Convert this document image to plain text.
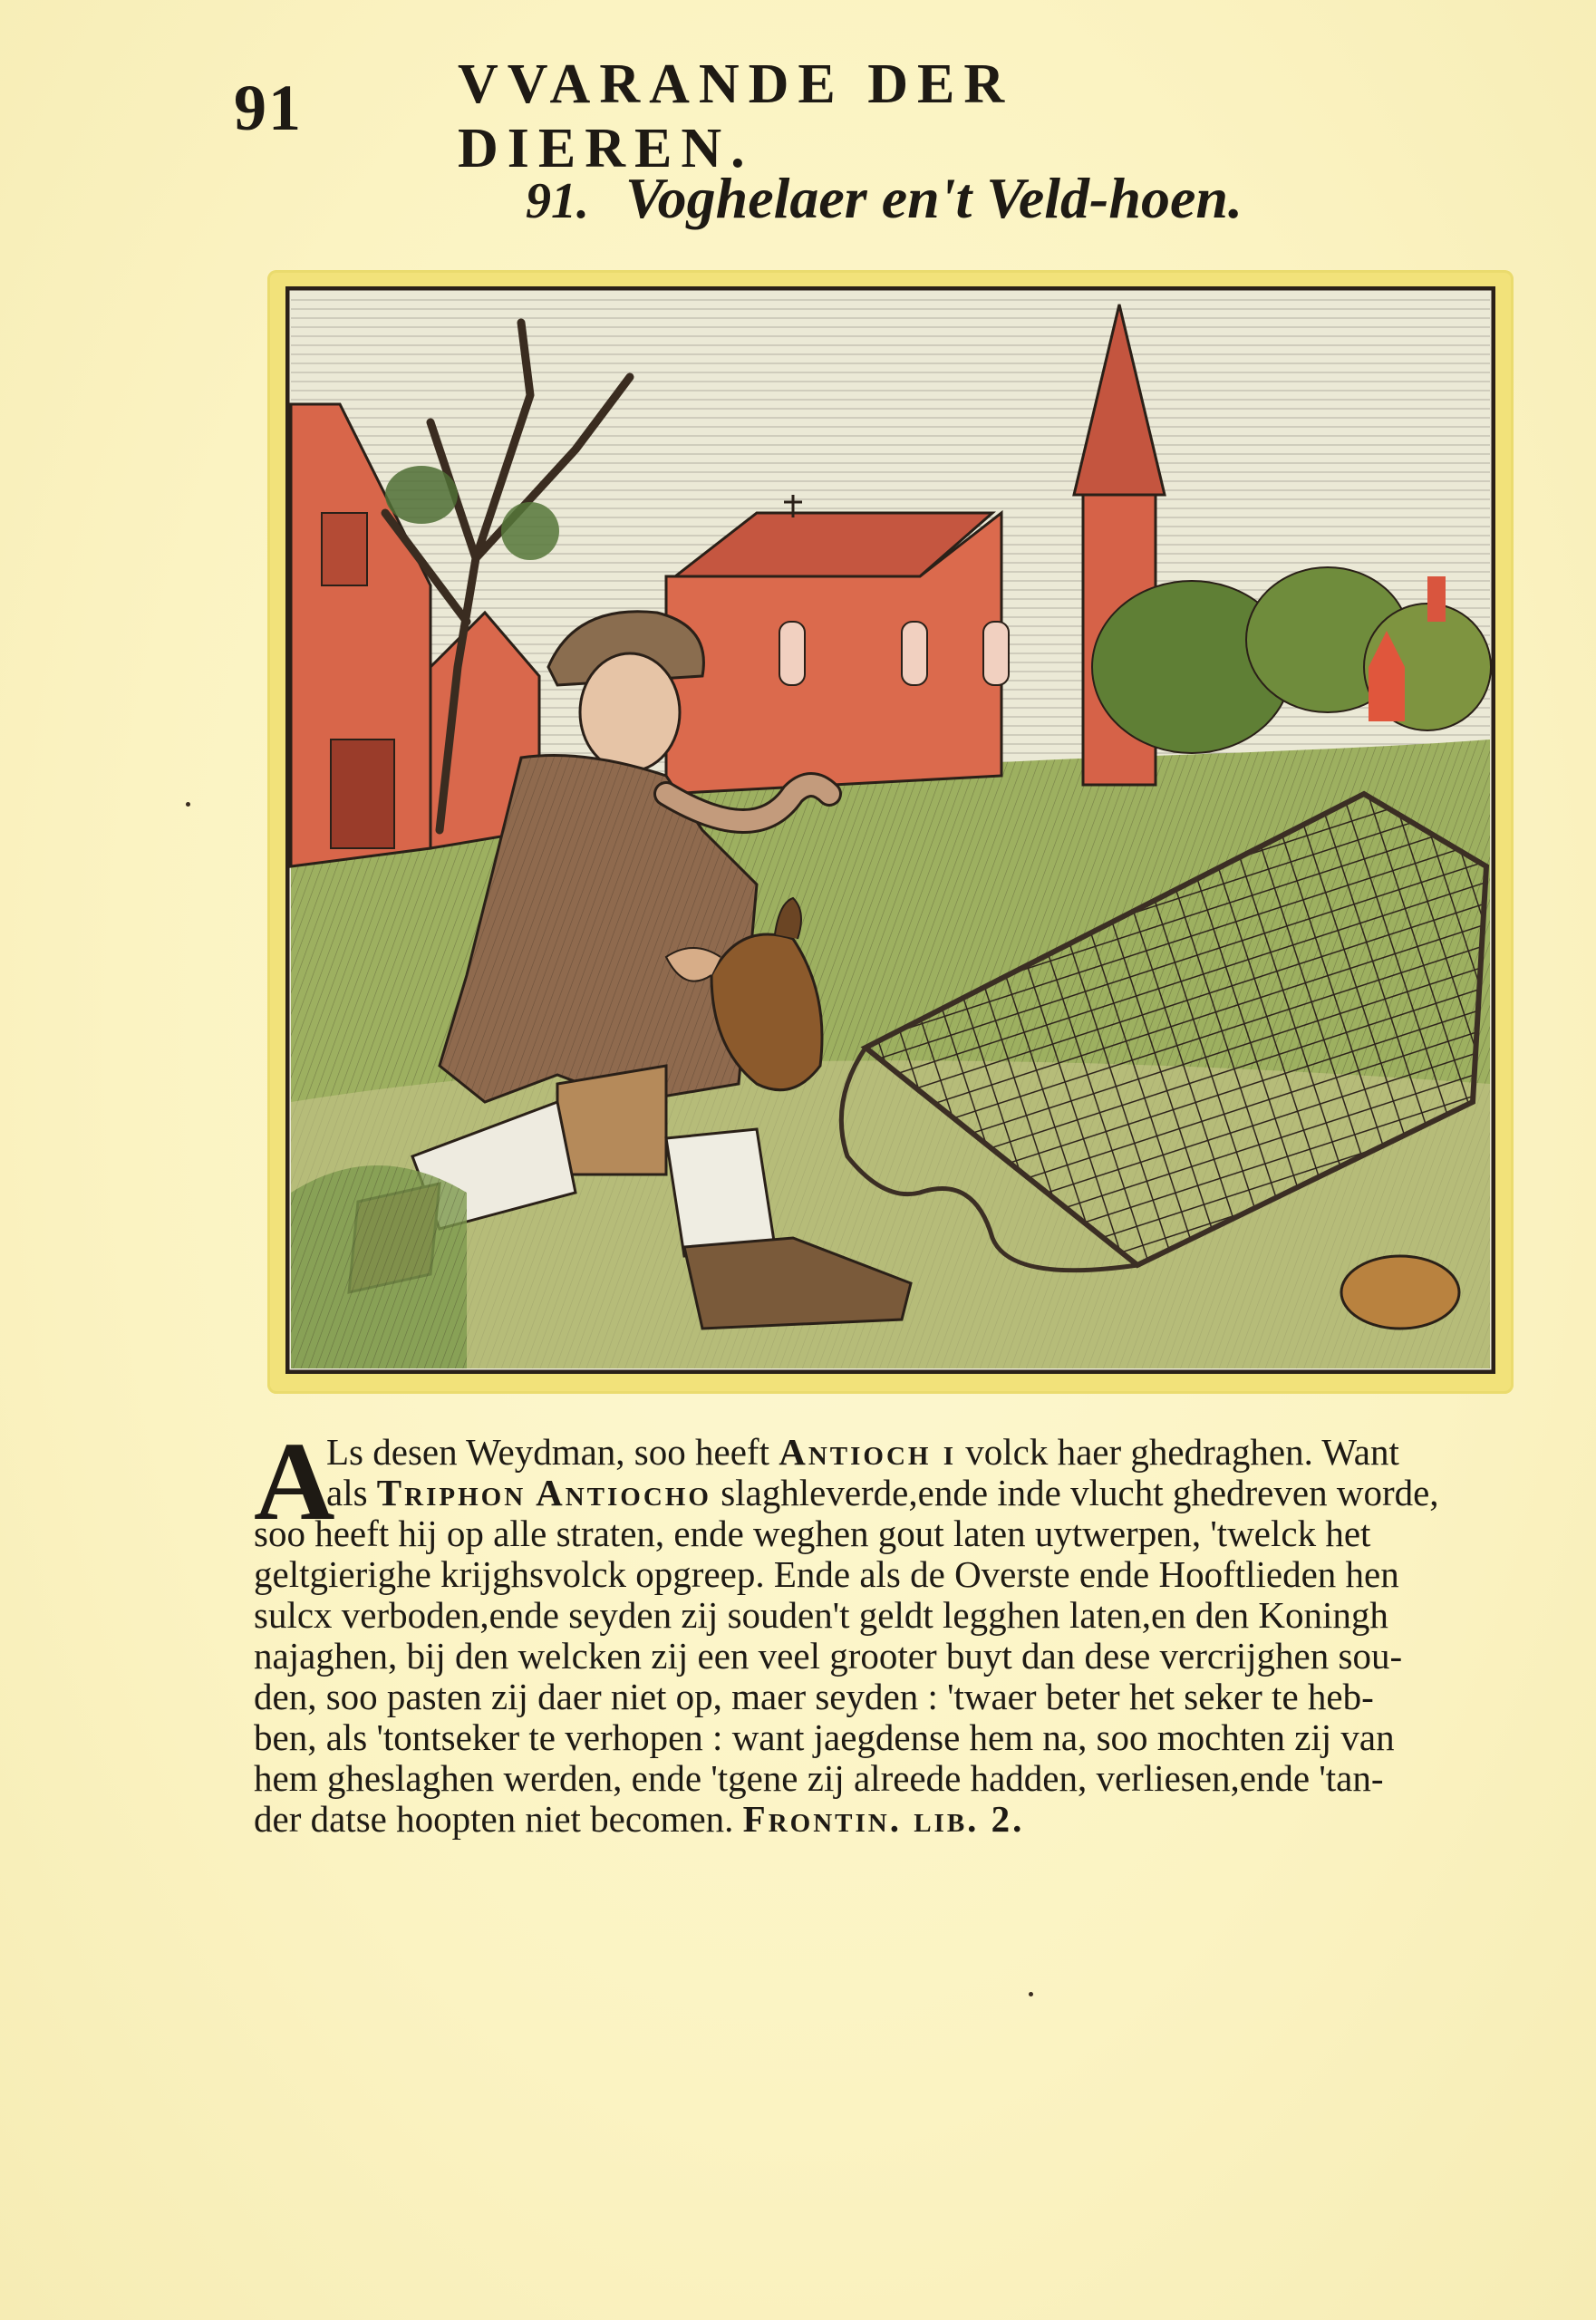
91	VVARANDE DER DIEREN.
91. Voghelaer en't Veld-hoen.
A
Ls desen Weydman, soo heeft Antioch i volck haer ghedraghen. Want
als Triphon Antiocho slaghleverde,ende inde vlucht ghedreven worde,
soo heeft hij op alle straten, ende weghen gout laten uytwerpen, 'twelck het
geltgierighe krijghsvolck opgreep. Ende als de Overste ende Hooftlieden hen
sulcx verboden,ende seyden zij souden't geldt legghen laten,en den Koningh
najaghen, bij den welcken zij een veel grooter buyt dan dese vercrijghen sou-
den, soo pasten zij daer niet op, maer seyden : 'twaer beter het seker te heb-
ben, als 'tontseker te verhopen : want jaegdense hem na, soo mochten zij van
hem gheslaghen werden, ende 'tgene zij alreede hadden, verliesen,ende 'tan-
der datse hoopten niet becomen. Frontin. lib. 2.
